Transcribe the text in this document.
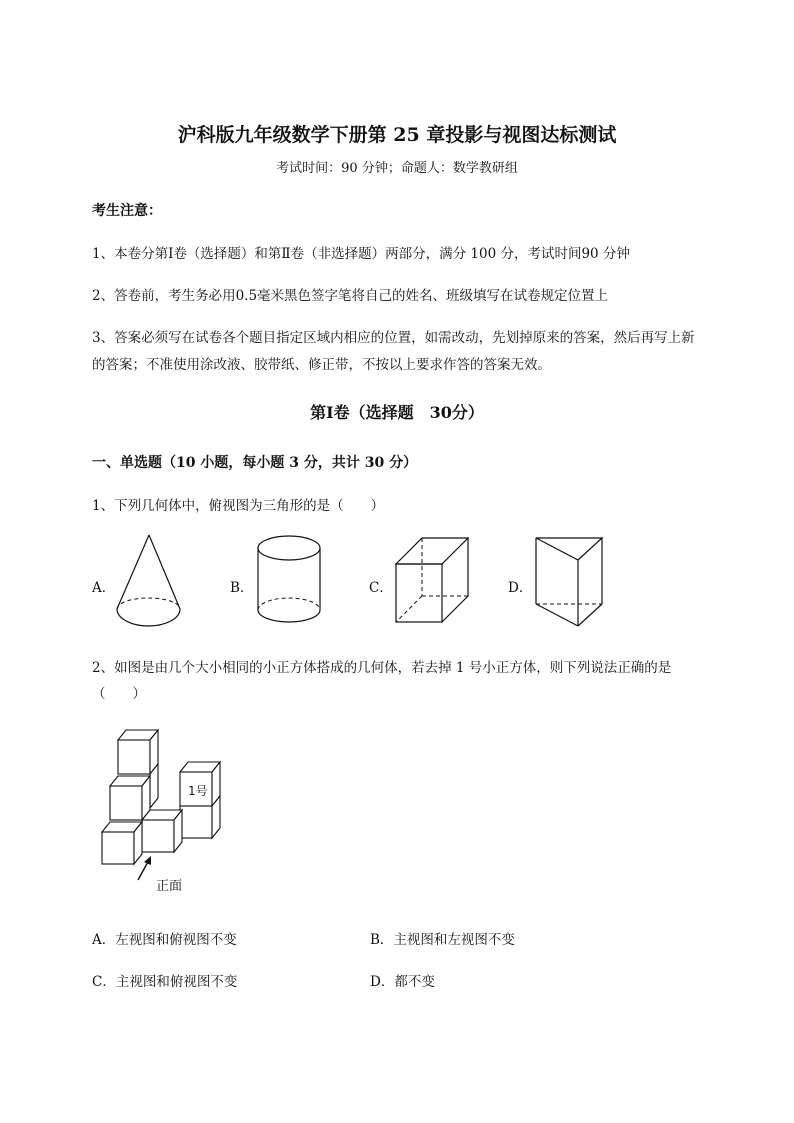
沪科版九年级数学下册第 25 章投影与视图达标测试
考试时间：90 分钟；命题人：数学教研组
考生注意：
1、本卷分第Ⅰ卷（选择题）和第Ⅱ卷（非选择题）两部分，满分 100 分，考试时间90 分钟
2、答卷前，考生务必用0.5毫米黑色签字笔将自己的姓名、班级填写在试卷规定位置上
3、答案必须写在试卷各个题目指定区域内相应的位置，如需改动，先划掉原来的答案，然后再写上新
的答案；不准使用涂改液、胶带纸、修正带，不按以上要求作答的答案无效。
第Ⅰ卷（选择题　30分）
一、单选题（10 小题，每小题 3 分，共计 30 分）
1、下列几何体中，俯视图为三角形的是（　　）
A．	B．	C．	D．
2、如图是由几个大小相同的小正方体搭成的几何体，若去掉 1 号小正方体，则下列说法正确的是
（　　）
1号
正面
A．左视图和俯视图不变	B．主视图和左视图不变
C．主视图和俯视图不变	D．都不变
